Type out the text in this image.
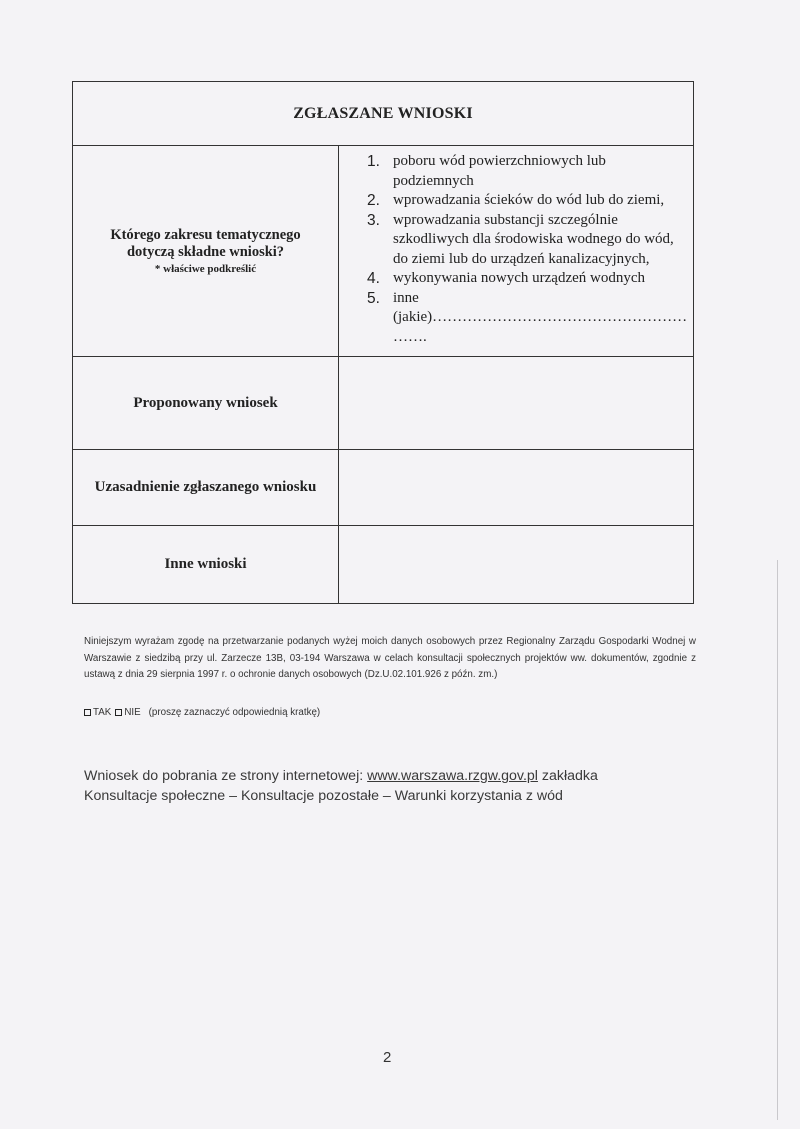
ZGŁASZANE WNIOSKI
Którego zakresu tematycznego
dotyczą składne wnioski?
* właściwe podkreślić
1. poboru wód powierzchniowych lub podziemnych
2. wprowadzania ścieków do wód lub do ziemi,
3. wprowadzania substancji szczególnie szkodliwych dla środowiska wodnego do wód, do ziemi lub do urządzeń kanalizacyjnych,
4. wykonywania nowych urządzeń wodnych
5. inne (jakie)…………………………………………… …….
Proponowany wniosek
Uzasadnienie zgłaszanego wniosku
Inne wnioski
Niniejszym wyrażam zgodę na przetwarzanie podanych wyżej moich danych osobowych przez Regionalny Zarządu Gospodarki Wodnej w Warszawie z siedzibą przy ul. Zarzecze 13B, 03-194 Warszawa w celach konsultacji społecznych projektów ww. dokumentów, zgodnie z ustawą z dnia 29 sierpnia 1997 r. o ochronie danych osobowych (Dz.U.02.101.926 z późn. zm.)
TAK NIE (proszę zaznaczyć odpowiednią kratkę)
Wniosek do pobrania ze strony internetowej: www.warszawa.rzgw.gov.pl zakładka
Konsultacje społeczne – Konsultacje pozostałe – Warunki korzystania z wód
2
